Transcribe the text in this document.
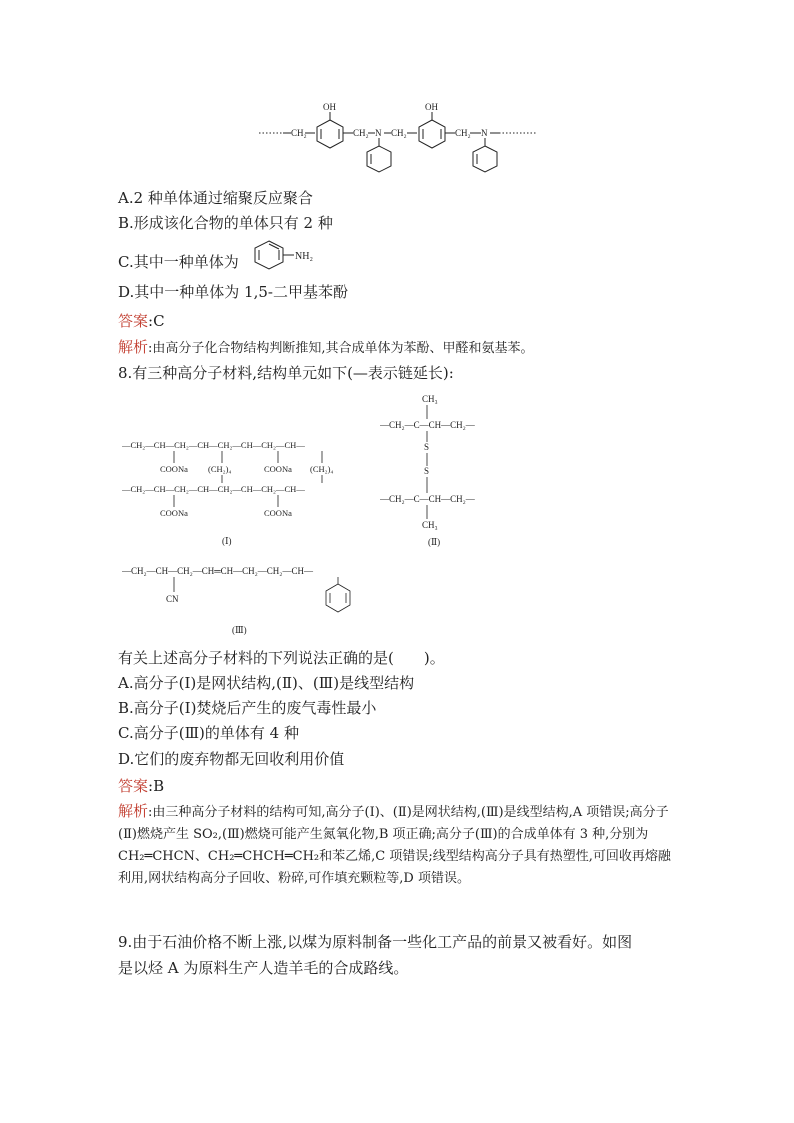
OH	OH
CH₂	CH₂ N CH₂	CH₂ N
A.2 种单体通过缩聚反应聚合
B.形成该化合物的单体只有 2 种
C.其中一种单体为	NH₂
D.其中一种单体为 1,5-二甲基苯酚
答案:C
解析:由高分子化合物结构判断推知,其合成单体为苯酚、甲醛和氨基苯。
8.有三种高分子材料,结构单元如下(—表示链延长):
—CH₂—CH—CH₂—CH—CH₂—CH—CH₂—CH—
COONa (CH₂)₄	COONa (CH₂)₄
—CH₂—CH—CH₂—CH—CH₂—CH—CH₂—CH—
COONa	COONa
(Ⅰ)
CH₃
—CH₂—C—CH—CH₂—
S
S
—CH₂—C—CH—CH₂—
CH₃
(Ⅱ)
—CH₂—CH—CH₂—CH═CH—CH₂—CH₂—CH—
CN
(Ⅲ)
有关上述高分子材料的下列说法正确的是(　　)。
A.高分子(Ⅰ)是网状结构,(Ⅱ)、(Ⅲ)是线型结构
B.高分子(Ⅰ)焚烧后产生的废气毒性最小
C.高分子(Ⅲ)的单体有 4 种
D.它们的废弃物都无回收利用价值
答案:B
解析:由三种高分子材料的结构可知,高分子(Ⅰ)、(Ⅱ)是网状结构,(Ⅲ)是线型结构,A 项错误;高分子(Ⅱ)燃烧产生 SO₂,(Ⅲ)燃烧可能产生氮氧化物,B 项正确;高分子(Ⅲ)的合成单体有 3 种,分别为 CH₂═CHCN、CH₂═CHCH═CH₂和苯乙烯,C 项错误;线型结构高分子具有热塑性,可回收再熔融利用,网状结构高分子回收、粉碎,可作填充颗粒等,D 项错误。
9.由于石油价格不断上涨,以煤为原料制备一些化工产品的前景又被看好。如图
是以烃 A 为原料生产人造羊毛的合成路线。
